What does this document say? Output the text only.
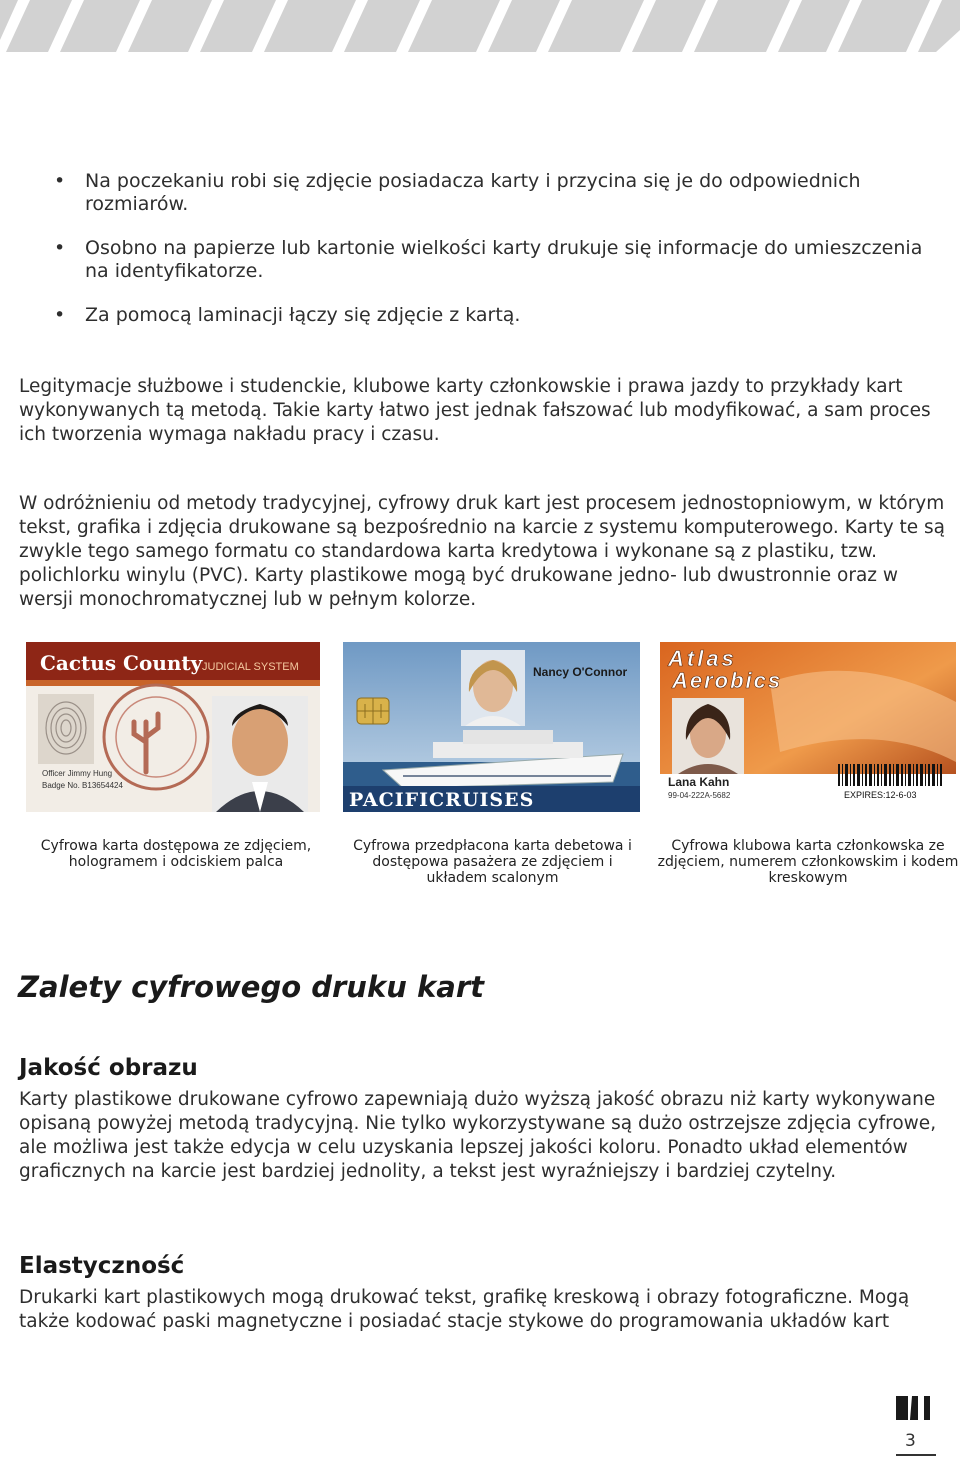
• Na poczekaniu robi się zdjęcie posiadacza karty i przycina się je do odpowiednich rozmiarów.
• Osobno na papierze lub kartonie wielkości karty drukuje się informacje do umieszczenia na identyfikatorze.
• Za pomocą laminacji łączy się zdjęcie z kartą.

Legitymacje służbowe i studenckie, klubowe karty członkowskie i prawa jazdy to przykłady kart wykonywanych tą metodą. Takie karty łatwo jest jednak fałszować lub modyfikować, a sam proces ich tworzenia wymaga nakładu pracy i czasu.

W odróżnieniu od metody tradycyjnej, cyfrowy druk kart jest procesem jednostopniowym, w którym tekst, grafika i zdjęcia drukowane są bezpośrednio na karcie z systemu komputerowego. Karty te są zwykle tego samego formatu co standardowa karta kredytowa i wykonane są z plastiku, tzw. polichlorku winylu (PVC). Karty plastikowe mogą być drukowane jedno- lub dwustronnie oraz w wersji monochromatycznej lub w pełnym kolorze.

Cactus County JUDICIAL SYSTEM
Officer Jimmy Hung
Badge No. B13654424
Nancy O'Connor
PACIFICRUISES
Atlas
Aerobics
Lana Kahn
99-04-222A-5682	EXPIRES:12-6-03
Cyfrowa karta dostępowa ze zdjęciem, hologramem i odciskiem palca
Cyfrowa przedpłacona karta debetowa i dostępowa pasażera ze zdjęciem i układem scalonym
Cyfrowa klubowa karta członkowska ze zdjęciem, numerem członkowskim i kodem kreskowym
Zalety cyfrowego druku kart
Jakość obrazu

Karty plastikowe drukowane cyfrowo zapewniają dużo wyższą jakość obrazu niż karty wykonywane opisaną powyżej metodą tradycyjną. Nie tylko wykorzystywane są dużo ostrzejsze zdjęcia cyfrowe, ale możliwa jest także edycja w celu uzyskania lepszej jakości koloru. Ponadto układ elementów graficznych na karcie jest bardziej jednolity, a tekst jest wyraźniejszy i bardziej czytelny.

Elastyczność

Drukarki kart plastikowych mogą drukować tekst, grafikę kreskową i obrazy fotograficzne. Mogą także kodować paski magnetyczne i posiadać stacje stykowe do programowania układów kart

3
